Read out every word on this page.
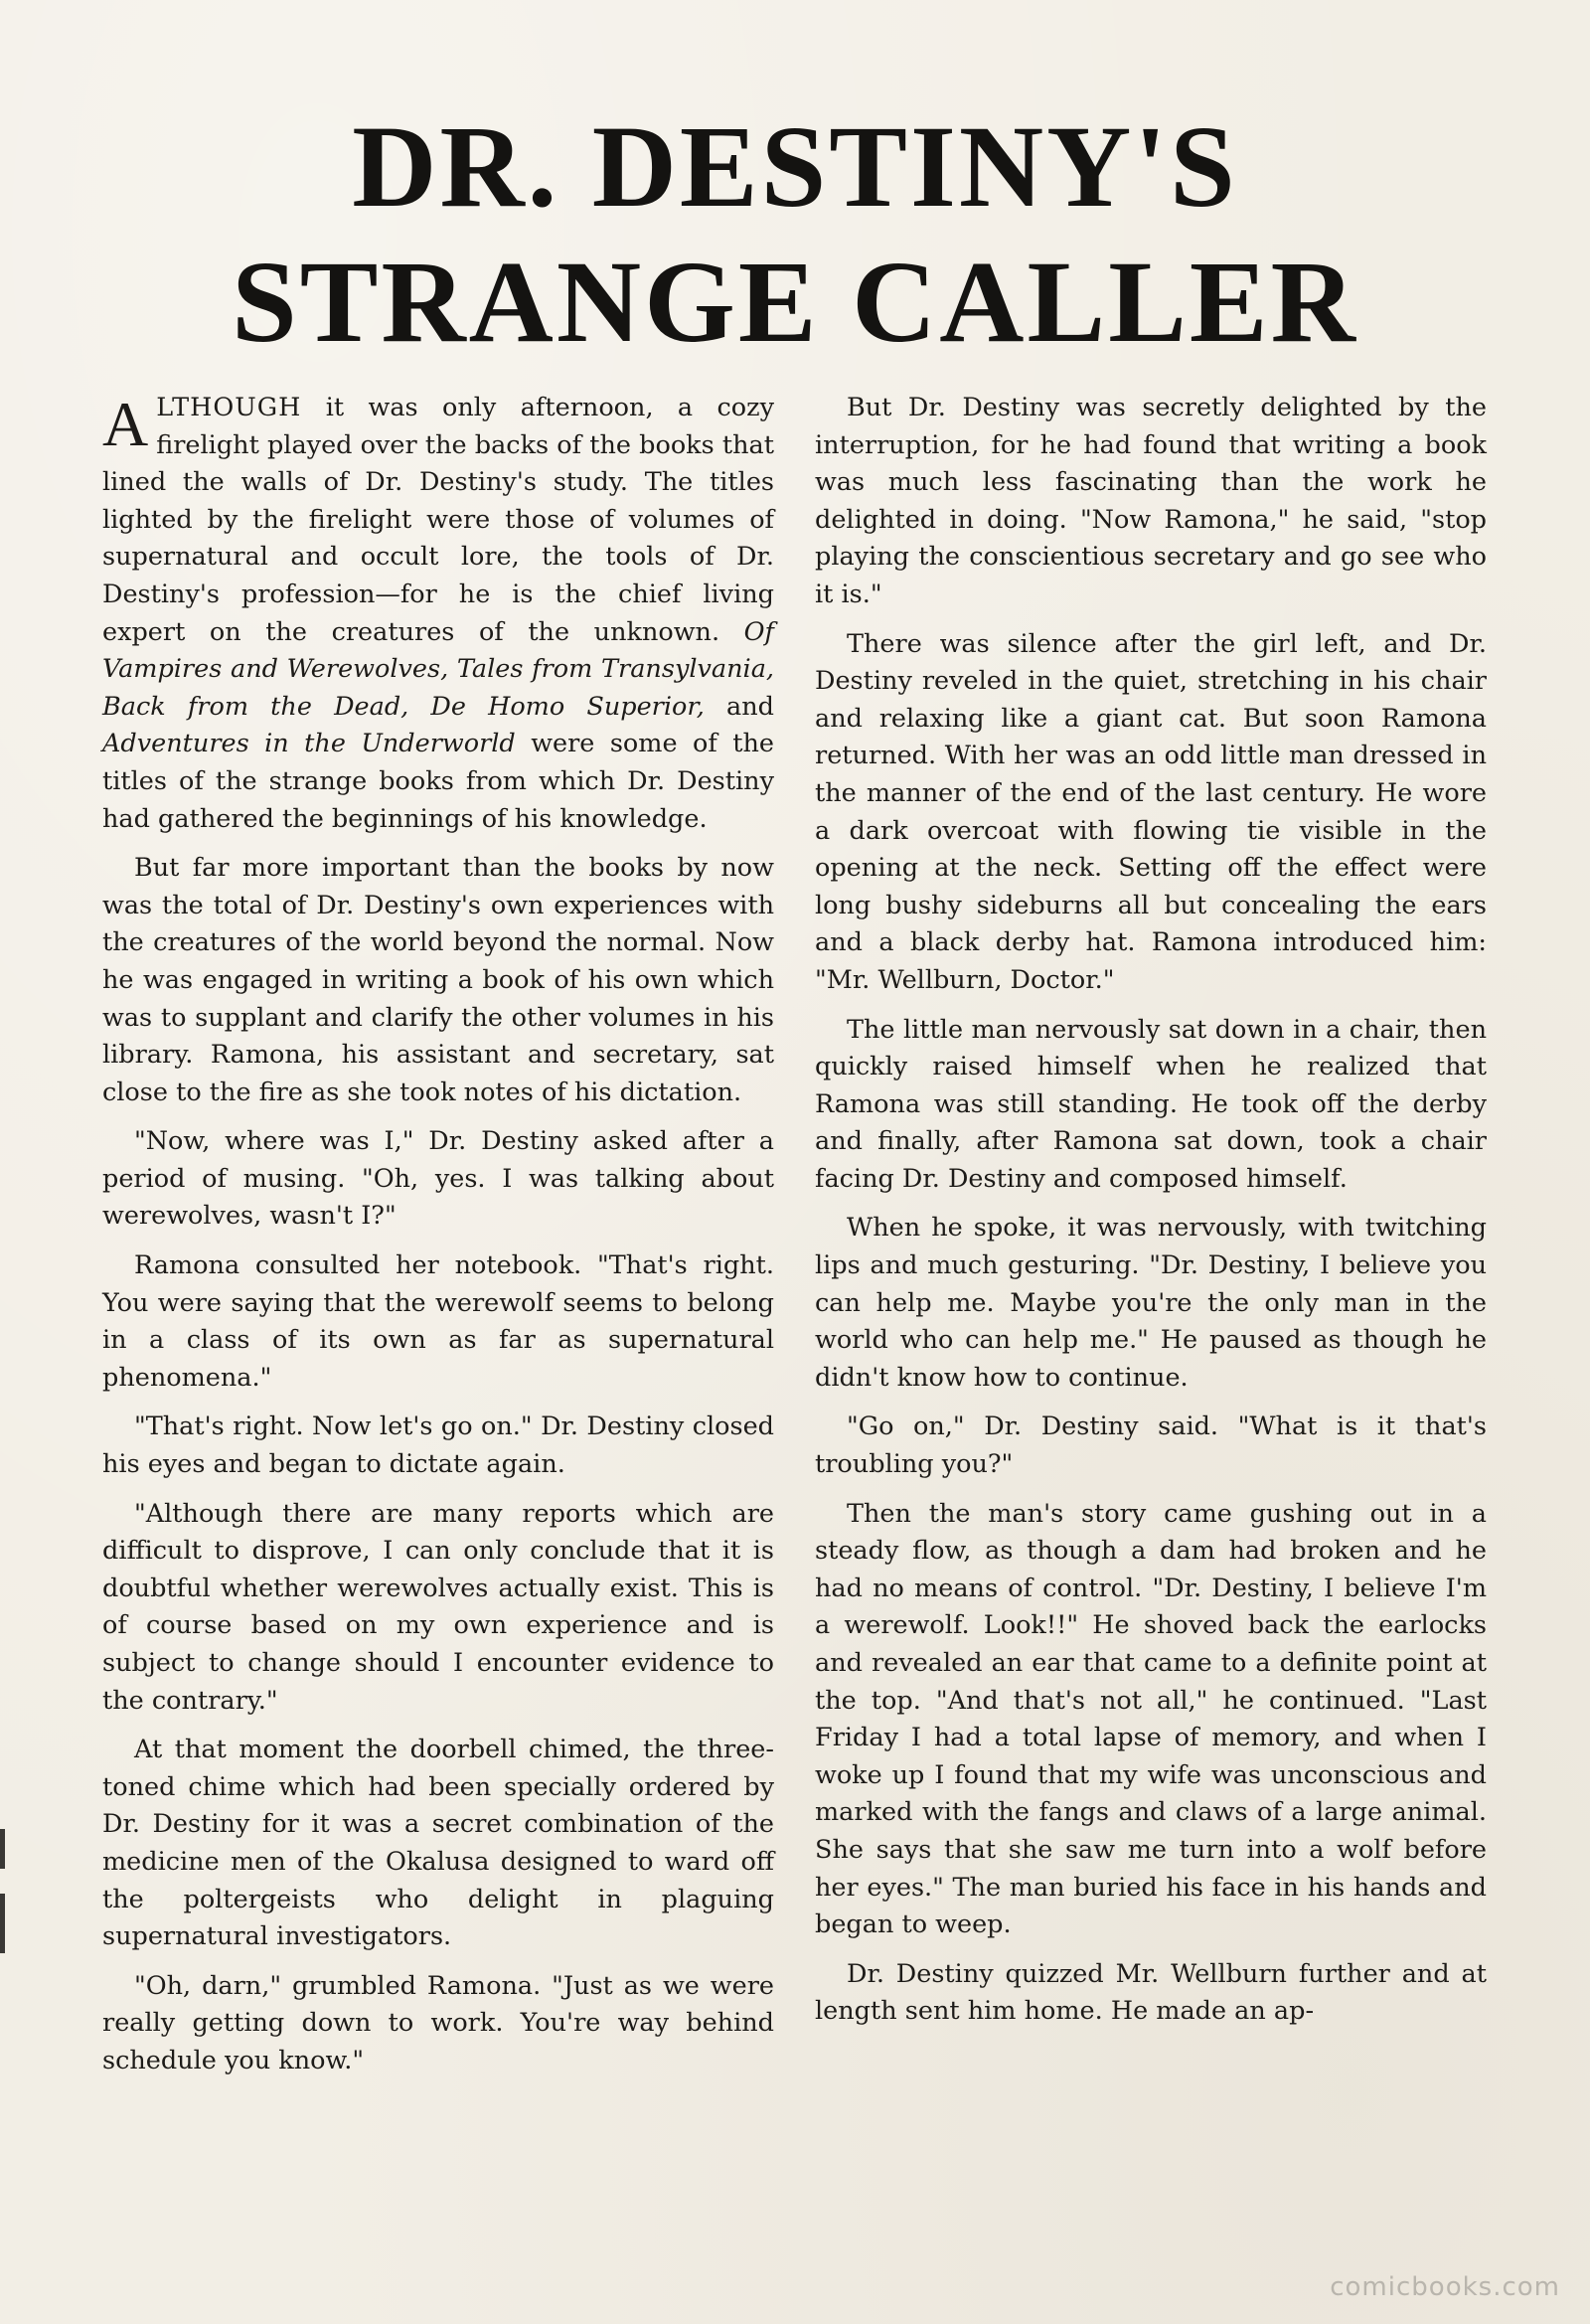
DR. DESTINY'S
STRANGE CALLER

ALTHOUGH it was only afternoon, a cozy firelight played over the backs of the books that lined the walls of Dr. Destiny's study. The titles lighted by the firelight were those of volumes of supernatural and occult lore, the tools of Dr. Destiny's profession—for he is the chief living expert on the creatures of the unknown. Of Vampires and Werewolves, Tales from Transylvania, Back from the Dead, De Homo Superior, and Adventures in the Underworld were some of the titles of the strange books from which Dr. Destiny had gathered the beginnings of his knowledge.

But far more important than the books by now was the total of Dr. Destiny's own experiences with the creatures of the world beyond the normal. Now he was engaged in writing a book of his own which was to supplant and clarify the other volumes in his library. Ramona, his assistant and secretary, sat close to the fire as she took notes of his dictation.

"Now, where was I," Dr. Destiny asked after a period of musing. "Oh, yes. I was talking about werewolves, wasn't I?"

Ramona consulted her notebook. "That's right. You were saying that the werewolf seems to belong in a class of its own as far as supernatural phenomena."

"That's right. Now let's go on." Dr. Destiny closed his eyes and began to dictate again.

"Although there are many reports which are difficult to disprove, I can only conclude that it is doubtful whether werewolves actually exist. This is of course based on my own experience and is subject to change should I encounter evidence to the contrary."

At that moment the doorbell chimed, the three-toned chime which had been specially ordered by Dr. Destiny for it was a secret combination of the medicine men of the Okalusa designed to ward off the poltergeists who delight in plaguing supernatural investigators.

"Oh, darn," grumbled Ramona. "Just as we were really getting down to work. You're way behind schedule you know."

But Dr. Destiny was secretly delighted by the interruption, for he had found that writing a book was much less fascinating than the work he delighted in doing. "Now Ramona," he said, "stop playing the conscientious secretary and go see who it is."

There was silence after the girl left, and Dr. Destiny reveled in the quiet, stretching in his chair and relaxing like a giant cat. But soon Ramona returned. With her was an odd little man dressed in the manner of the end of the last century. He wore a dark overcoat with flowing tie visible in the opening at the neck. Setting off the effect were long bushy sideburns all but concealing the ears and a black derby hat. Ramona introduced him: "Mr. Wellburn, Doctor."

The little man nervously sat down in a chair, then quickly raised himself when he realized that Ramona was still standing. He took off the derby and finally, after Ramona sat down, took a chair facing Dr. Destiny and composed himself.

When he spoke, it was nervously, with twitching lips and much gesturing. "Dr. Destiny, I believe you can help me. Maybe you're the only man in the world who can help me." He paused as though he didn't know how to continue.

"Go on," Dr. Destiny said. "What is it that's troubling you?"

Then the man's story came gushing out in a steady flow, as though a dam had broken and he had no means of control. "Dr. Destiny, I believe I'm a werewolf. Look!!" He shoved back the earlocks and revealed an ear that came to a definite point at the top. "And that's not all," he continued. "Last Friday I had a total lapse of memory, and when I woke up I found that my wife was unconscious and marked with the fangs and claws of a large animal. She says that she saw me turn into a wolf before her eyes." The man buried his face in his hands and began to weep.

Dr. Destiny quizzed Mr. Wellburn further and at length sent him home. He made an ap-

comicbooks.com
